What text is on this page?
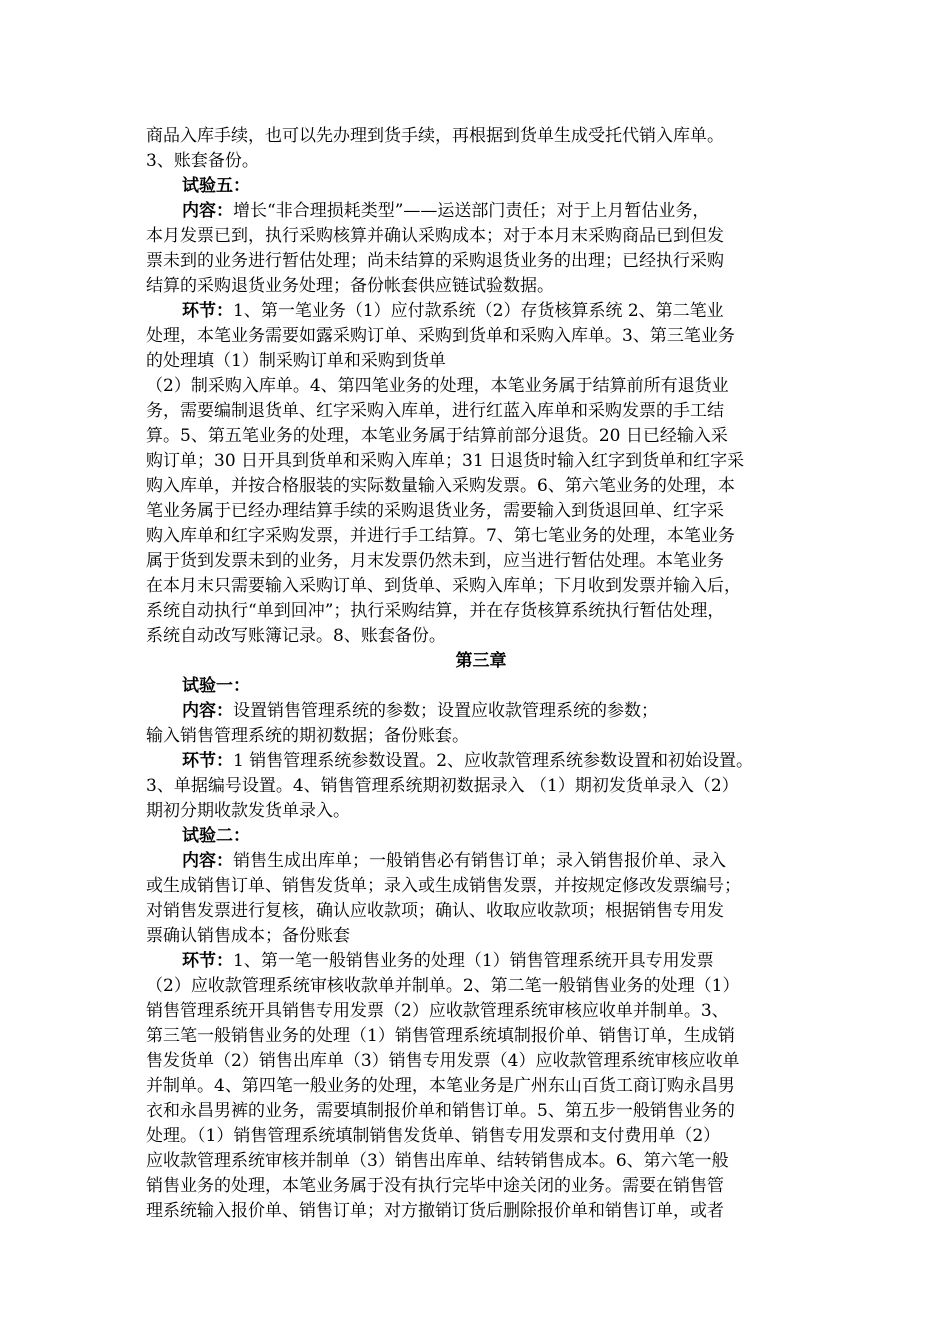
商品入库手续，也可以先办理到货手续，再根据到货单生成受托代销入库单。
3、账套备份。
试验五：
内容：增长“非合理损耗类型”——运送部门责任；对于上月暂估业务，
本月发票已到，执行采购核算并确认采购成本；对于本月末采购商品已到但发
票未到的业务进行暂估处理；尚未结算的采购退货业务的出理；已经执行采购
结算的采购退货业务处理；备份帐套供应链试验数据。
环节：1、第一笔业务（1）应付款系统（2）存货核算系统 2、第二笔业
处理，本笔业务需要如露采购订单、采购到货单和采购入库单。3、第三笔业务
的处理填（1）制采购订单和采购到货单
（2）制采购入库单。4、第四笔业务的处理，本笔业务属于结算前所有退货业
务，需要编制退货单、红字采购入库单，进行红蓝入库单和采购发票的手工结
算。5、第五笔业务的处理，本笔业务属于结算前部分退货。20 日已经输入采
购订单；30 日开具到货单和采购入库单；31 日退货时输入红字到货单和红字采
购入库单，并按合格服装的实际数量输入采购发票。6、第六笔业务的处理，本
笔业务属于已经办理结算手续的采购退货业务，需要输入到货退回单、红字采
购入库单和红字采购发票，并进行手工结算。7、第七笔业务的处理，本笔业务
属于货到发票未到的业务，月末发票仍然未到，应当进行暂估处理。本笔业务
在本月末只需要输入采购订单、到货单、采购入库单；下月收到发票并输入后，
系统自动执行“单到回冲”；执行采购结算，并在存货核算系统执行暂估处理，
系统自动改写账簿记录。8、账套备份。
第三章
试验一：
内容：设置销售管理系统的参数；设置应收款管理系统的参数；
输入销售管理系统的期初数据；备份账套。
环节：1 销售管理系统参数设置。2、应收款管理系统参数设置和初始设置。
3、单据编号设置。4、销售管理系统期初数据录入 （1）期初发货单录入（2）
期初分期收款发货单录入。
试验二：
内容：销售生成出库单；一般销售必有销售订单；录入销售报价单、录入
或生成销售订单、销售发货单；录入或生成销售发票，并按规定修改发票编号；
对销售发票进行复核，确认应收款项；确认、收取应收款项；根据销售专用发
票确认销售成本；备份账套
环节：1、第一笔一般销售业务的处理（1）销售管理系统开具专用发票
（2）应收款管理系统审核收款单并制单。2、第二笔一般销售业务的处理（1）
销售管理系统开具销售专用发票（2）应收款管理系统审核应收单并制单。3、
第三笔一般销售业务的处理（1）销售管理系统填制报价单、销售订单，生成销
售发货单（2）销售出库单（3）销售专用发票（4）应收款管理系统审核应收单
并制单。4、第四笔一般业务的处理，本笔业务是广州东山百货工商订购永昌男
衣和永昌男裤的业务，需要填制报价单和销售订单。5、第五步一般销售业务的
处理。（1）销售管理系统填制销售发货单、销售专用发票和支付费用单（2）
应收款管理系统审核并制单（3）销售出库单、结转销售成本。6、第六笔一般
销售业务的处理，本笔业务属于没有执行完毕中途关闭的业务。需要在销售管
理系统输入报价单、销售订单；对方撤销订货后删除报价单和销售订单，或者
